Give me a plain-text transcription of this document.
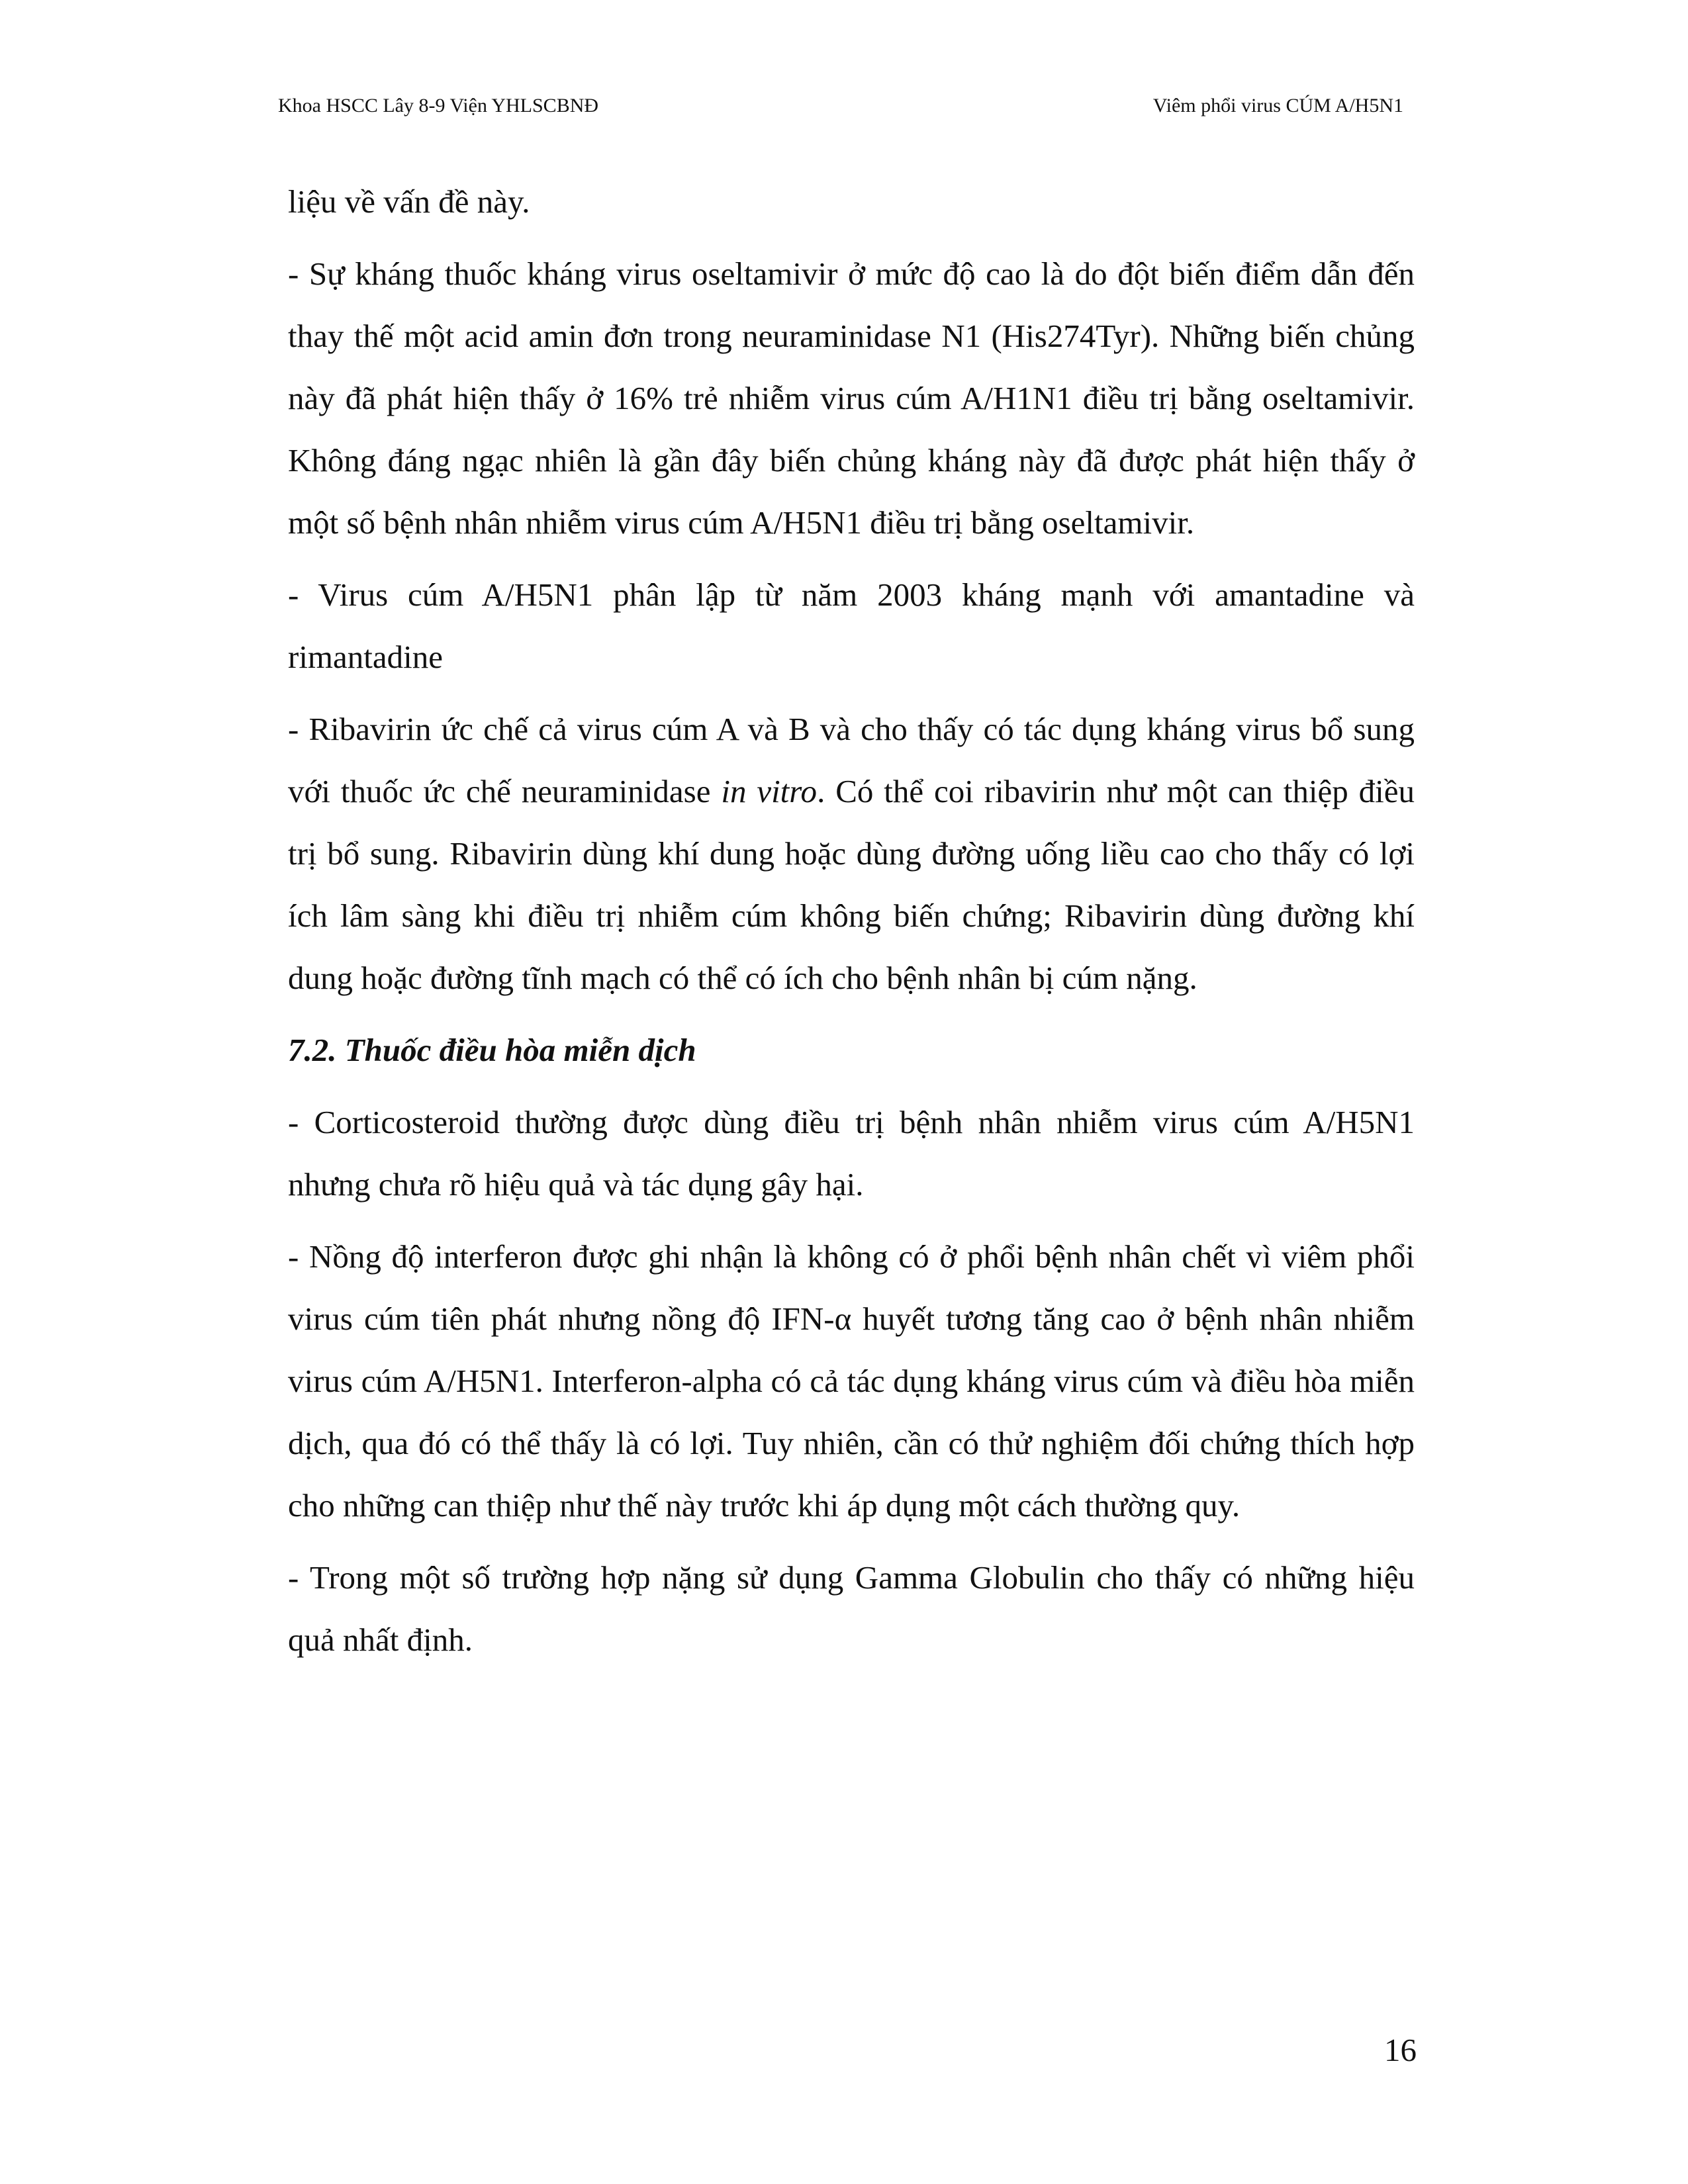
Khoa HSCC Lây 8-9 Viện YHLSCBNĐ	Viêm phổi virus CÚM A/H5N1

liệu về vấn đề này.

- Sự kháng thuốc kháng virus oseltamivir ở mức độ cao là do đột biến điểm dẫn đến thay thế một acid amin đơn trong neuraminidase N1 (His274Tyr). Những biến chủng này đã phát hiện thấy ở 16% trẻ nhiễm virus cúm A/H1N1 điều trị bằng oseltamivir. Không đáng ngạc nhiên là gần đây biến chủng kháng này đã được phát hiện thấy ở một số bệnh nhân nhiễm virus cúm A/H5N1 điều trị bằng oseltamivir.

- Virus cúm A/H5N1 phân lập từ năm 2003 kháng mạnh với amantadine và rimantadine

- Ribavirin ức chế cả virus cúm A và B và cho thấy có tác dụng kháng virus bổ sung với thuốc ức chế neuraminidase in vitro. Có thể coi ribavirin như một can thiệp điều trị bổ sung. Ribavirin dùng khí dung hoặc dùng đường uống liều cao cho thấy có lợi ích lâm sàng khi điều trị nhiễm cúm không biến chứng; Ribavirin dùng đường khí dung hoặc đường tĩnh mạch có thể có ích cho bệnh nhân bị cúm nặng.

7.2. Thuốc điều hòa miễn dịch

- Corticosteroid thường được dùng điều trị bệnh nhân nhiễm virus cúm A/H5N1 nhưng chưa rõ hiệu quả và tác dụng gây hại.

- Nồng độ interferon được ghi nhận là không có ở phổi bệnh nhân chết vì viêm phổi virus cúm tiên phát nhưng nồng độ IFN-α huyết tương tăng cao ở bệnh nhân nhiễm virus cúm A/H5N1. Interferon-alpha có cả tác dụng kháng virus cúm và điều hòa miễn dịch, qua đó có thể thấy là có lợi. Tuy nhiên, cần có thử nghiệm đối chứng thích hợp cho những can thiệp như thế này trước khi áp dụng một cách thường quy.

- Trong một số trường hợp nặng sử dụng Gamma Globulin cho thấy có những hiệu quả nhất định.

16
